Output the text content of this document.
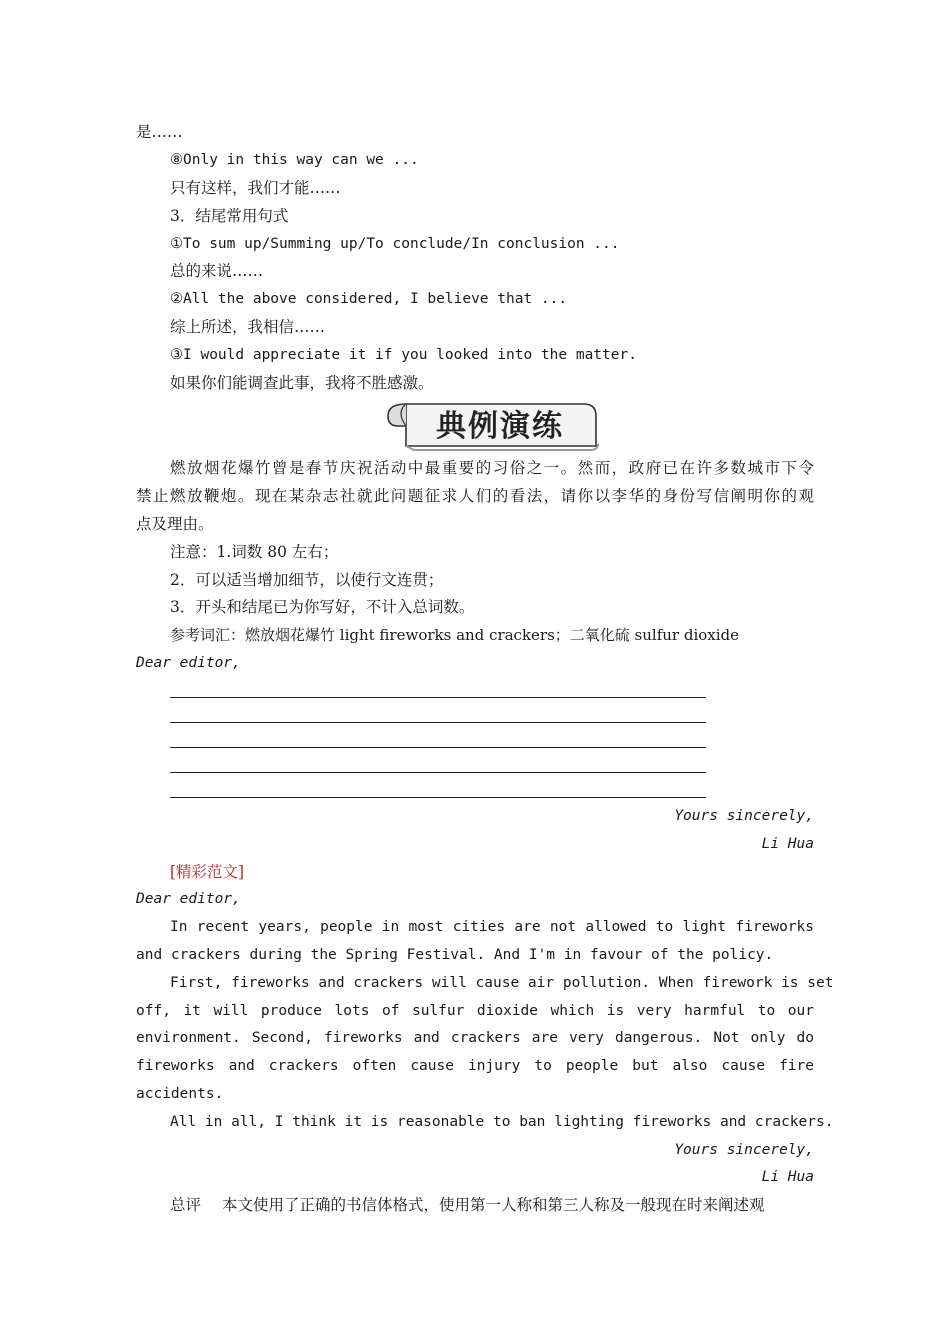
是……
⑧Only in this way can we ...
只有这样，我们才能……
3．结尾常用句式
①To sum up/Summing up/To conclude/In conclusion ...
总的来说……
②All the above considered, I believe that ...
综上所述，我相信……
③I would appreciate it if you looked into the matter.
如果你们能调查此事，我将不胜感激。
典例演练
燃放烟花爆竹曾是春节庆祝活动中最重要的习俗之一。然而，政府已在许多数城市下令
禁止燃放鞭炮。现在某杂志社就此问题征求人们的看法，请你以李华的身份写信阐明你的观
点及理由。
注意：1.词数 80 左右；
2．可以适当增加细节，以使行文连贯；
3．开头和结尾已为你写好，不计入总词数。
参考词汇：燃放烟花爆竹 light fireworks and crackers；二氧化硫 sulfur dioxide
Dear editor,
Yours sincerely,
Li Hua
[精彩范文]
Dear editor,
In recent years, people in most cities are not allowed to light fireworks
and crackers during the Spring Festival. And I'm in favour of the policy.
First, fireworks and crackers will cause air pollution. When firework is set
off, it will produce lots of sulfur dioxide which is very harmful to our
environment. Second, fireworks and crackers are very dangerous. Not only do
fireworks and crackers often cause injury to people but also cause fire
accidents.
All in all, I think it is reasonable to ban lighting fireworks and crackers.
Yours sincerely,
Li Hua
总评 本文使用了正确的书信体格式，使用第一人称和第三人称及一般现在时来阐述观
